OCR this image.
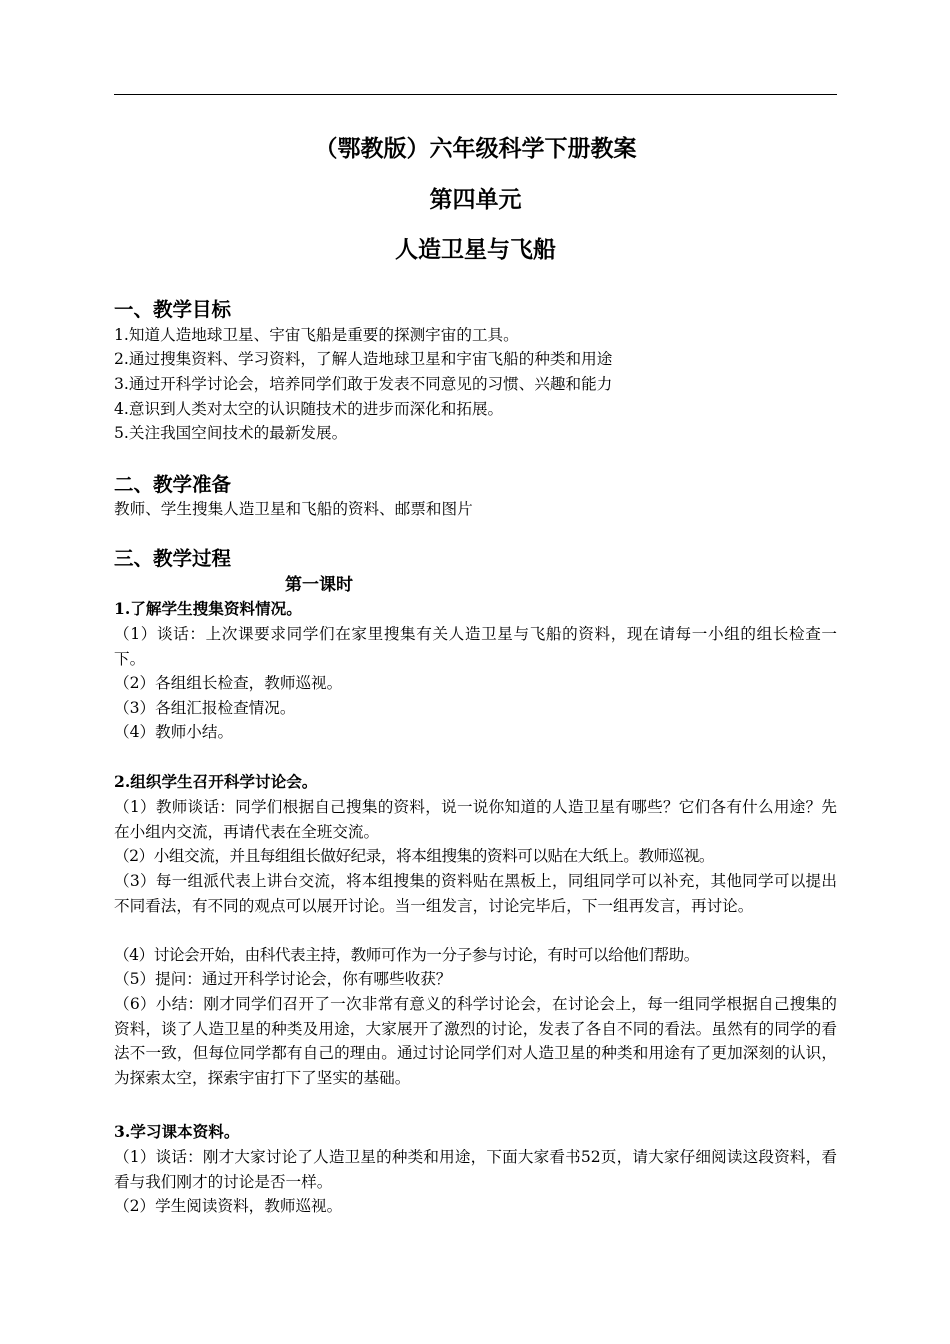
（鄂教版）六年级科学下册教案
第四单元
人造卫星与飞船
一、教学目标
1.知道人造地球卫星、宇宙飞船是重要的探测宇宙的工具。
2.通过搜集资料、学习资料，了解人造地球卫星和宇宙飞船的种类和用途
3.通过开科学讨论会，培养同学们敢于发表不同意见的习惯、兴趣和能力
4.意识到人类对太空的认识随技术的进步而深化和拓展。
5.关注我国空间技术的最新发展。
二、教学准备
教师、学生搜集人造卫星和飞船的资料、邮票和图片
三、教学过程
第一课时
1.了解学生搜集资料情况。
（1）谈话：上次课要求同学们在家里搜集有关人造卫星与飞船的资料，现在请每一小组的组长检查一下。
（2）各组组长检查，教师巡视。
（3）各组汇报检查情况。
（4）教师小结。
2.组织学生召开科学讨论会。
（1）教师谈话：同学们根据自己搜集的资料，说一说你知道的人造卫星有哪些？它们各有什么用途？先在小组内交流，再请代表在全班交流。
（2）小组交流，并且每组组长做好纪录，将本组搜集的资料可以贴在大纸上。教师巡视。
（3）每一组派代表上讲台交流，将本组搜集的资料贴在黑板上，同组同学可以补充，其他同学可以提出不同看法，有不同的观点可以展开讨论。当一组发言，讨论完毕后，下一组再发言，再讨论。
（4）讨论会开始，由科代表主持，教师可作为一分子参与讨论，有时可以给他们帮助。
（5）提问：通过开科学讨论会，你有哪些收获？
（6）小结：刚才同学们召开了一次非常有意义的科学讨论会，在讨论会上，每一组同学根据自己搜集的资料，谈了人造卫星的种类及用途，大家展开了激烈的讨论，发表了各自不同的看法。虽然有的同学的看法不一致，但每位同学都有自己的理由。通过讨论同学们对人造卫星的种类和用途有了更加深刻的认识，为探索太空，探索宇宙打下了坚实的基础。
3.学习课本资料。
（1）谈话：刚才大家讨论了人造卫星的种类和用途，下面大家看书52页，请大家仔细阅读这段资料，看看与我们刚才的讨论是否一样。
（2）学生阅读资料，教师巡视。
